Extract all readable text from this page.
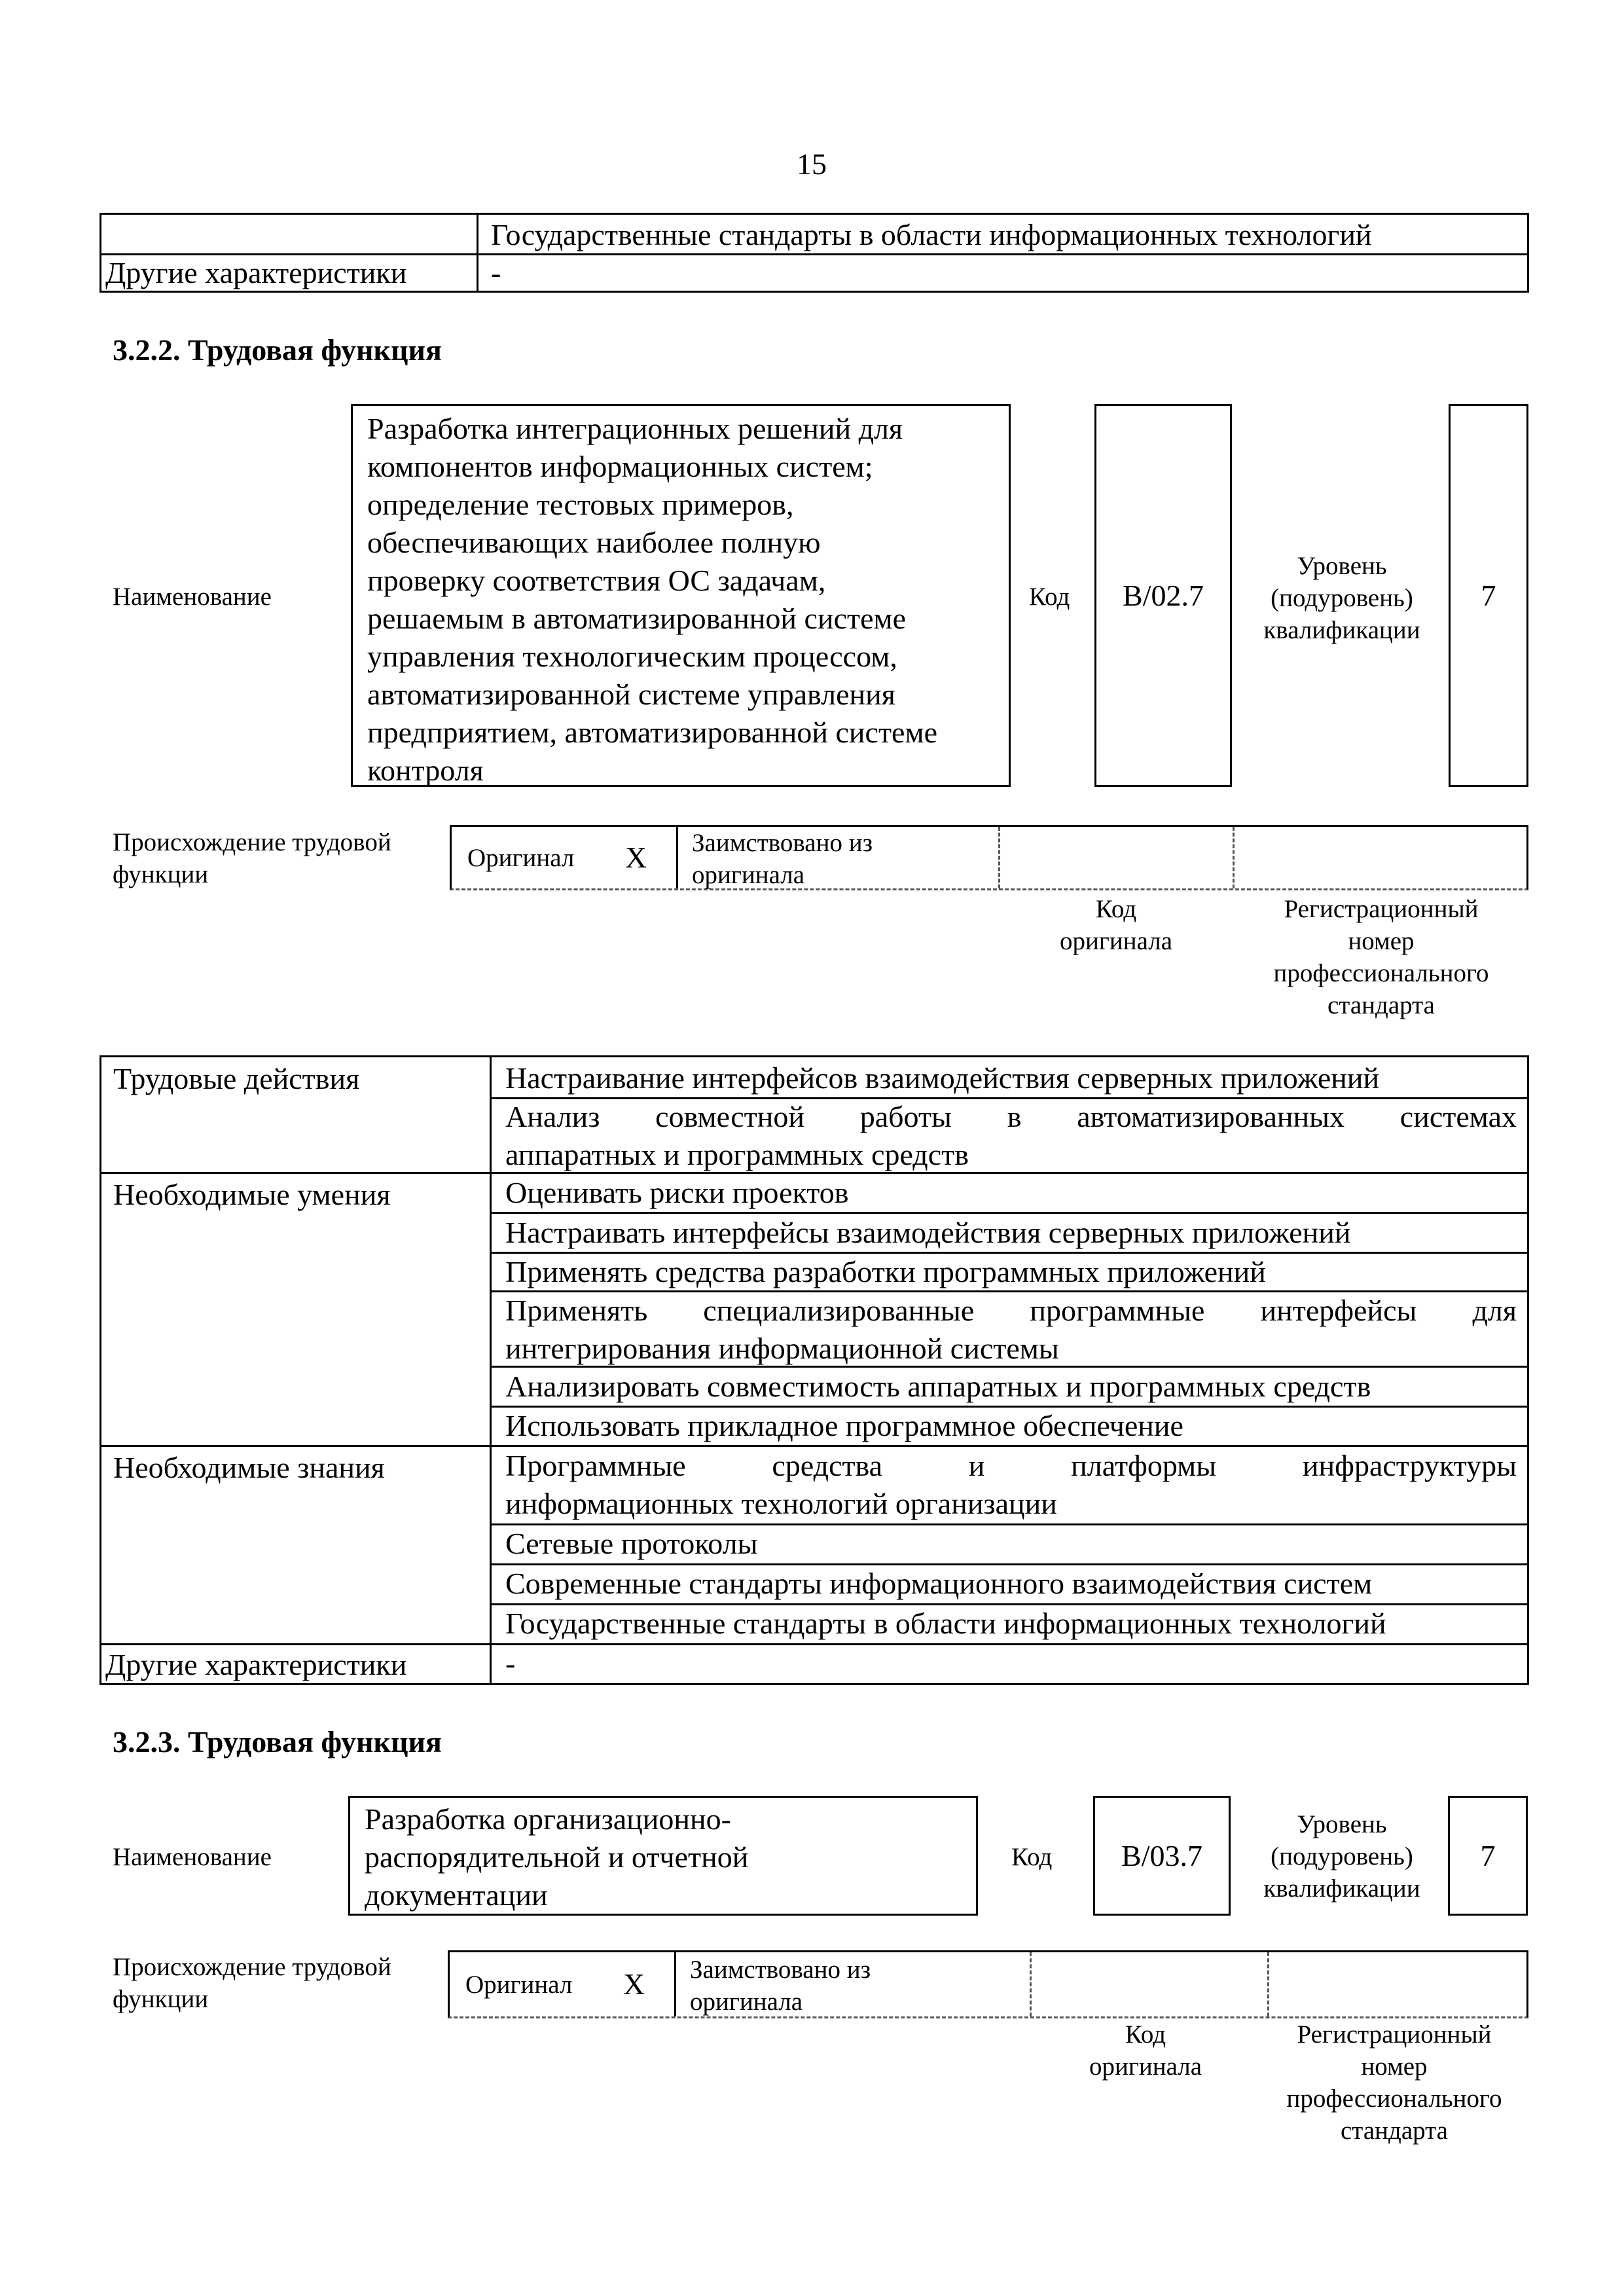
15
Государственные стандарты в области информационных технологий
Другие характеристики	-
3.2.2. Трудовая функция
Наименование
Разработка интеграционных решений для
компонентов информационных систем;
определение тестовых примеров,
обеспечивающих наиболее полную
проверку соответствия ОС задачам,
решаемым в автоматизированной системе
управления технологическим процессом,
автоматизированной системе управления
предприятием, автоматизированной системе
контроля
Код B/02.7
Уровень
(подуровень)
квалификации
7
Происхождение трудовой
функции
Оригинал X Заимствовано из
оригинала
Код
оригинала
Регистрационный
номер
профессионального
стандарта
Трудовые действия
Необходимые умения
Необходимые знания
Другие характеристики
Настраивание интерфейсов взаимодействия серверных приложений
Анализ совместной работы в автоматизированных системах
аппаратных и программных средств
Оценивать риски проектов
Настраивать интерфейсы взаимодействия серверных приложений
Применять средства разработки программных приложений
Применять специализированные программные интерфейсы для
интегрирования информационной системы
Анализировать совместимость аппаратных и программных средств
Использовать прикладное программное обеспечение
Программные средства и платформы инфраструктуры
информационных технологий организации
Сетевые протоколы
Современные стандарты информационного взаимодействия систем
Государственные стандарты в области информационных технологий
-
3.2.3. Трудовая функция
Наименование
Разработка организационно-
распорядительной и отчетной
документации
Код B/03.7
Уровень
(подуровень)
квалификации
7
Происхождение трудовой
функции
Оригинал X Заимствовано из
оригинала
Код
оригинала
Регистрационный
номер
профессионального
стандарта
